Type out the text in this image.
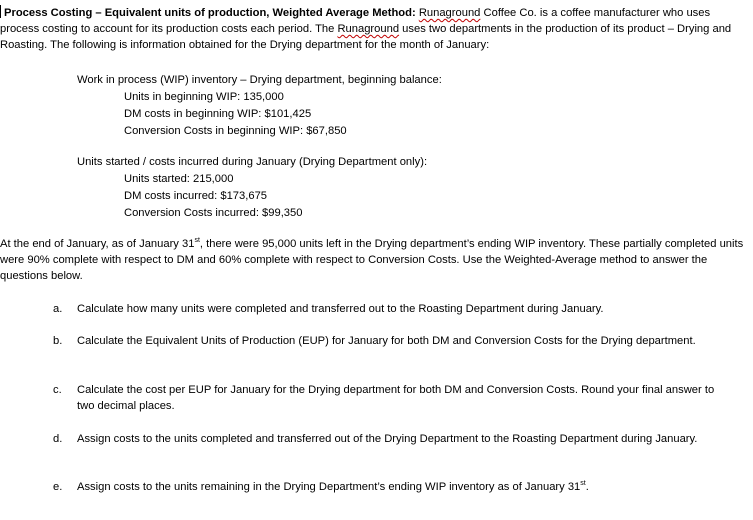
Process Costing – Equivalent units of production, Weighted Average Method: Runaground Coffee Co. is a coffee manufacturer who uses process costing to account for its production costs each period. The Runaground uses two departments in the production of its product – Drying and Roasting. The following is information obtained for the Drying department for the month of January:
Work in process (WIP) inventory – Drying department, beginning balance:
Units in beginning WIP: 135,000
DM costs in beginning WIP: $101,425
Conversion Costs in beginning WIP: $67,850
Units started / costs incurred during January (Drying Department only):
Units started: 215,000
DM costs incurred: $173,675
Conversion Costs incurred: $99,350
At the end of January, as of January 31st, there were 95,000 units left in the Drying department’s ending WIP inventory. These partially completed units were 90% complete with respect to DM and 60% complete with respect to Conversion Costs. Use the Weighted-Average method to answer the questions below.
a. Calculate how many units were completed and transferred out to the Roasting Department during January.
b. Calculate the Equivalent Units of Production (EUP) for January for both DM and Conversion Costs for the Drying department.
c. Calculate the cost per EUP for January for the Drying department for both DM and Conversion Costs. Round your final answer to two decimal places.
d. Assign costs to the units completed and transferred out of the Drying Department to the Roasting Department during January.
e. Assign costs to the units remaining in the Drying Department’s ending WIP inventory as of January 31st.
